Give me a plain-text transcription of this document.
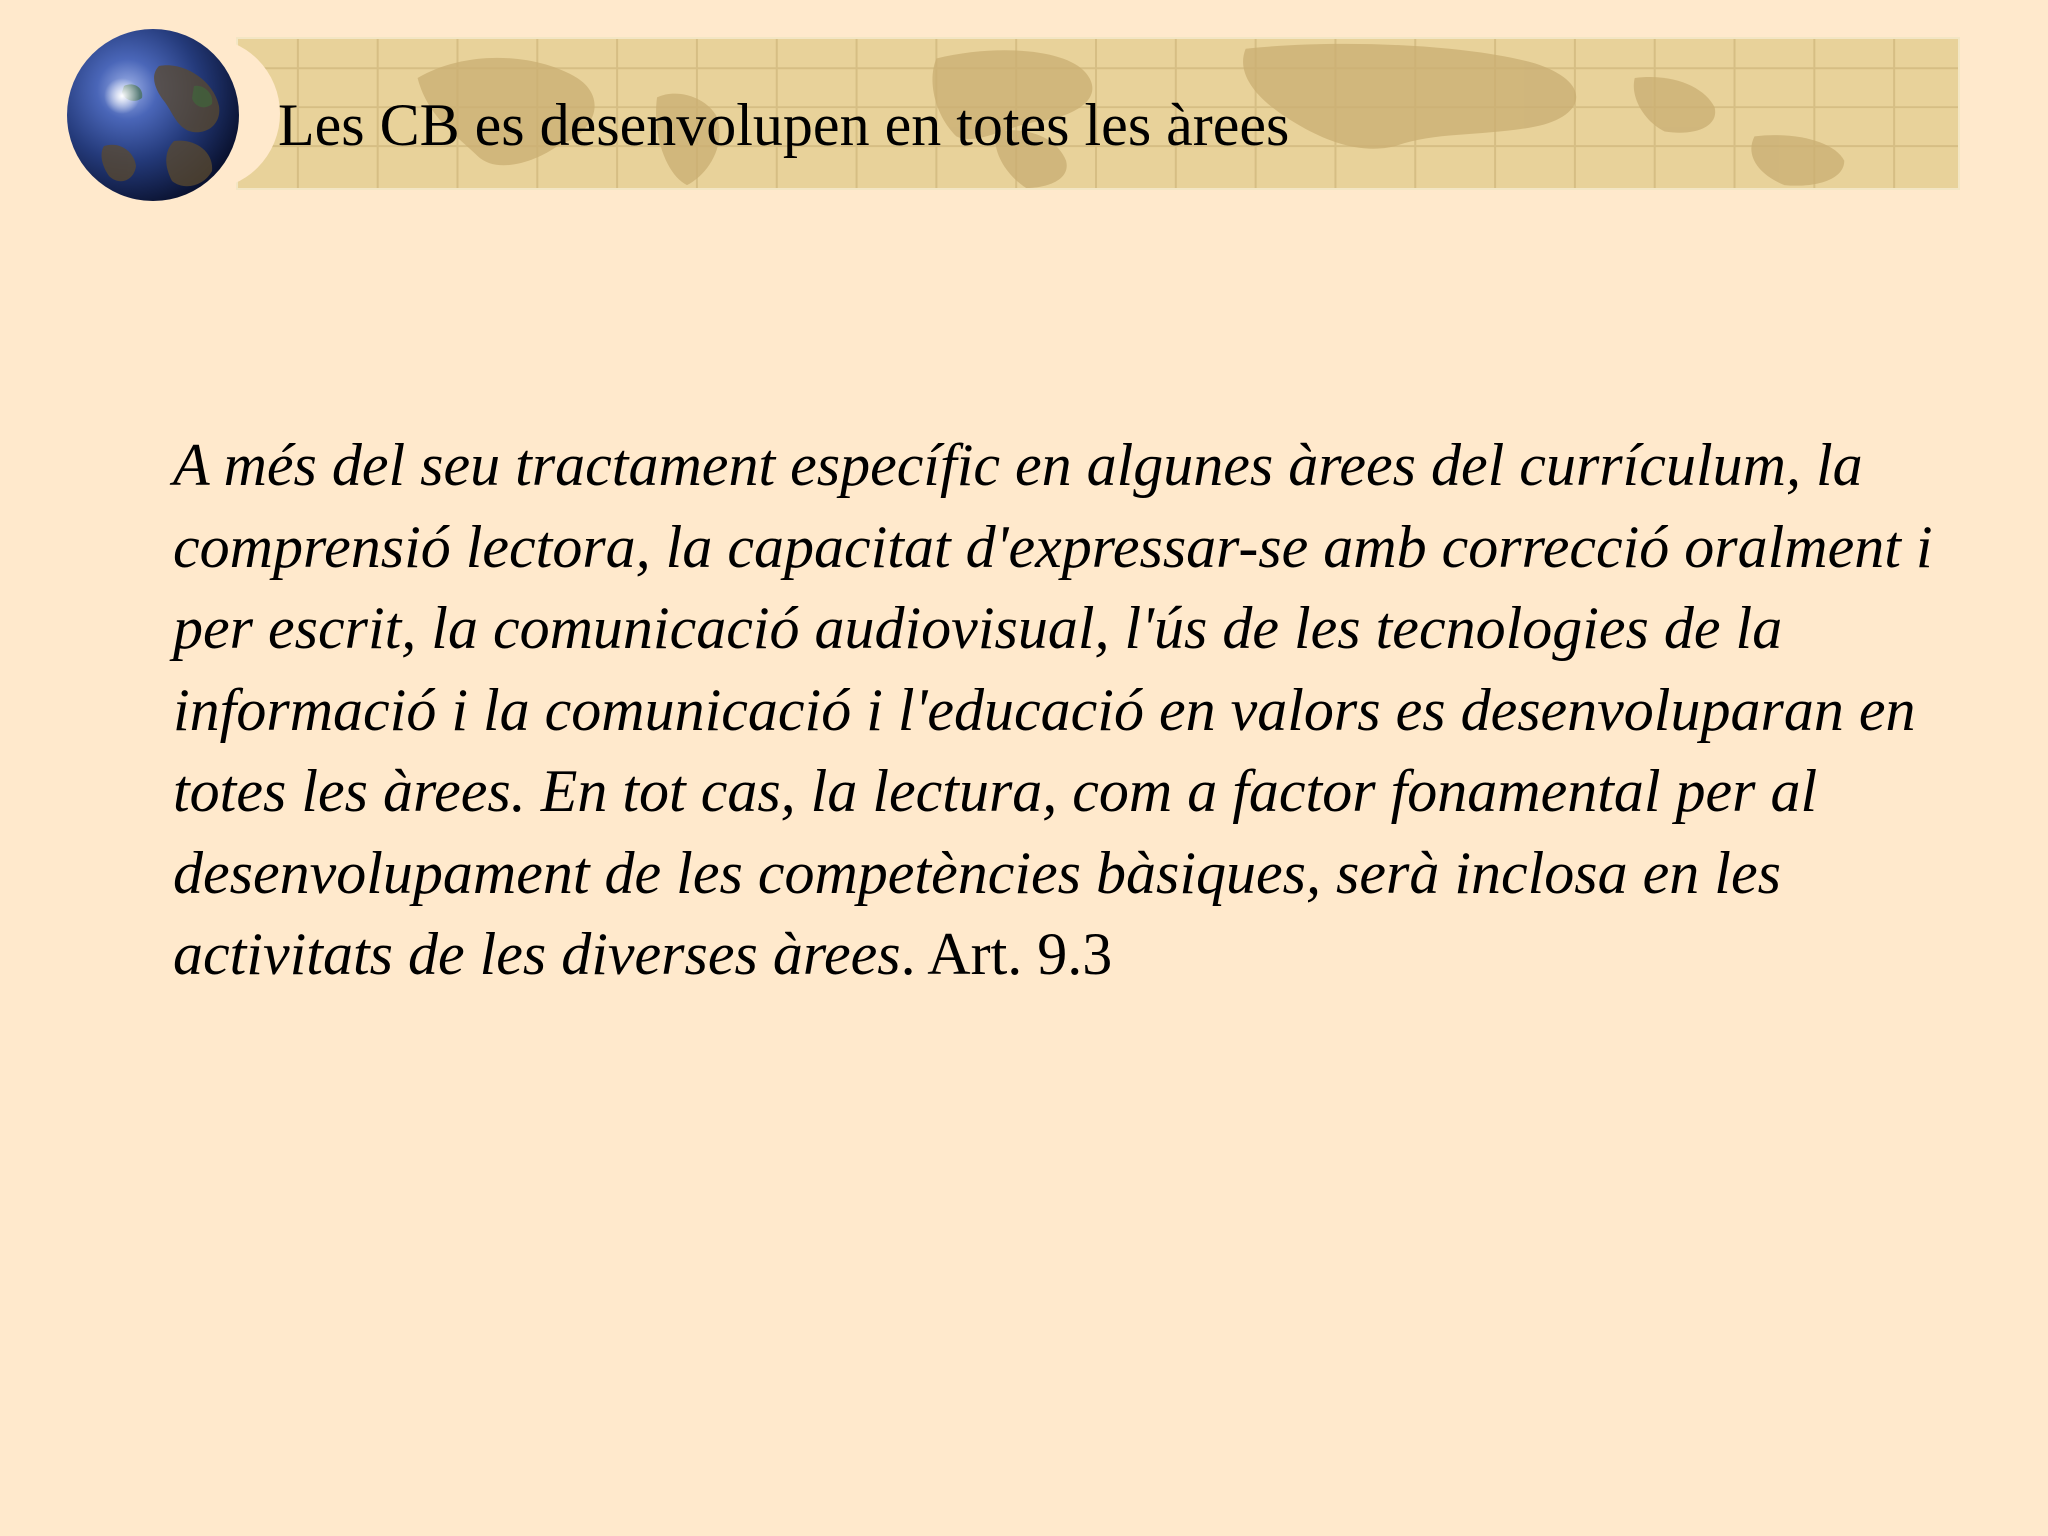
Les CB es desenvolupen en totes les àrees

A més del seu tractament específic en algunes àrees del currículum, la comprensió lectora, la capacitat d'expressar-se amb correcció oralment i per escrit, la comunicació audiovisual, l'ús de les tecnologies de la informació i la comunicació i l'educació en valors es desenvoluparan en totes les àrees. En tot cas, la lectura, com a factor fonamental per al desenvolupament de les competències bàsiques, serà inclosa en les activitats de les diverses àrees. Art. 9.3
